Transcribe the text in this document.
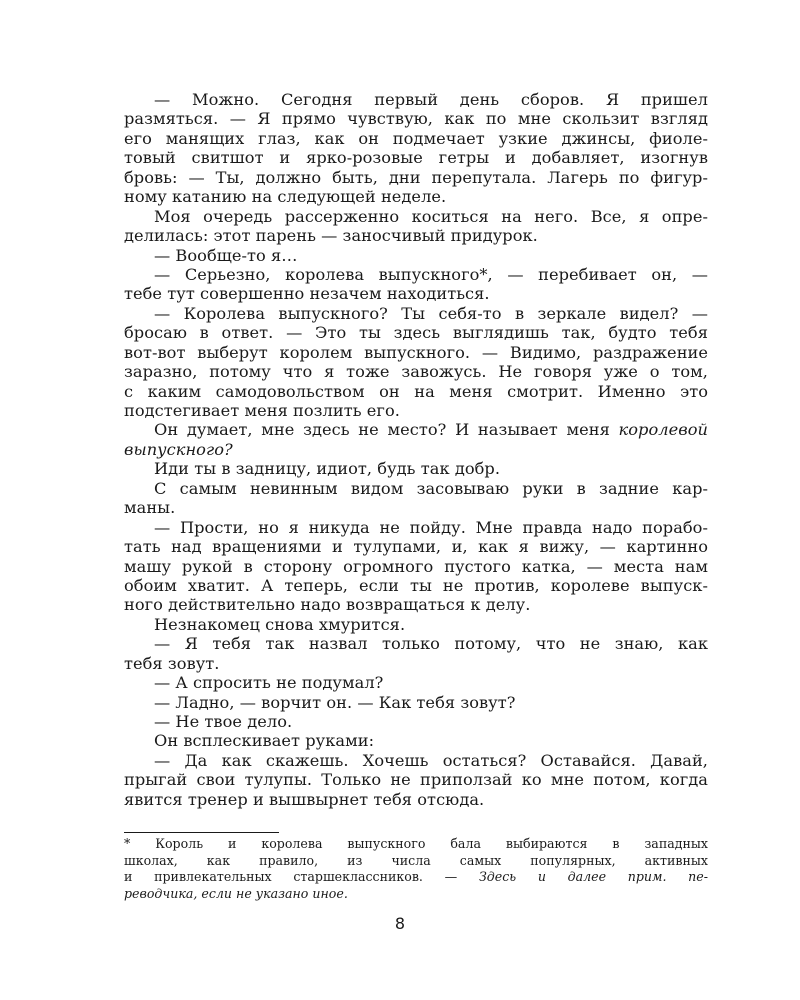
— Можно. Сегодня первый день сборов. Я пришел
размяться. — Я прямо чувствую, как по мне скользит взгляд
его манящих глаз, как он подмечает узкие джинсы, фиоле-
товый свитшот и ярко-розовые гетры и добавляет, изогнув
бровь: — Ты, должно быть, дни перепутала. Лагерь по фигур-
ному катанию на следующей неделе.
Моя очередь рассерженно коситься на него. Все, я опре-
делилась: этот парень — заносчивый придурок.
— Вообще-то я…
— Серьезно, королева выпускного*, — перебивает он, —
тебе тут совершенно незачем находиться.
— Королева выпускного? Ты себя-то в зеркале видел? —
бросаю в ответ. — Это ты здесь выглядишь так, будто тебя
вот-вот выберут королем выпускного. — Видимо, раздражение
заразно, потому что я тоже завожусь. Не говоря уже о том,
с каким самодовольством он на меня смотрит. Именно это
подстегивает меня позлить его.
Он думает, мне здесь не место? И называет меня королевой
выпускного?
Иди ты в задницу, идиот, будь так добр.
С самым невинным видом засовываю руки в задние кар-
маны.
— Прости, но я никуда не пойду. Мне правда надо порабо-
тать над вращениями и тулупами, и, как я вижу, — картинно
машу рукой в сторону огромного пустого катка, — места нам
обоим хватит. А теперь, если ты не против, королеве выпуск-
ного действительно надо возвращаться к делу.
Незнакомец снова хмурится.
— Я тебя так назвал только потому, что не знаю, как
тебя зовут.
— А спросить не подумал?
— Ладно, — ворчит он. — Как тебя зовут?
— Не твое дело.
Он всплескивает руками:
— Да как скажешь. Хочешь остаться? Оставайся. Давай,
прыгай свои тулупы. Только не приползай ко мне потом, когда
явится тренер и вышвырнет тебя отсюда.
* Король и королева выпускного бала выбираются в западных
школах, как правило, из числа самых популярных, активных
и привлекательных старшеклассников. — Здесь и далее прим. пе-
реводчика, если не указано иное.
8
